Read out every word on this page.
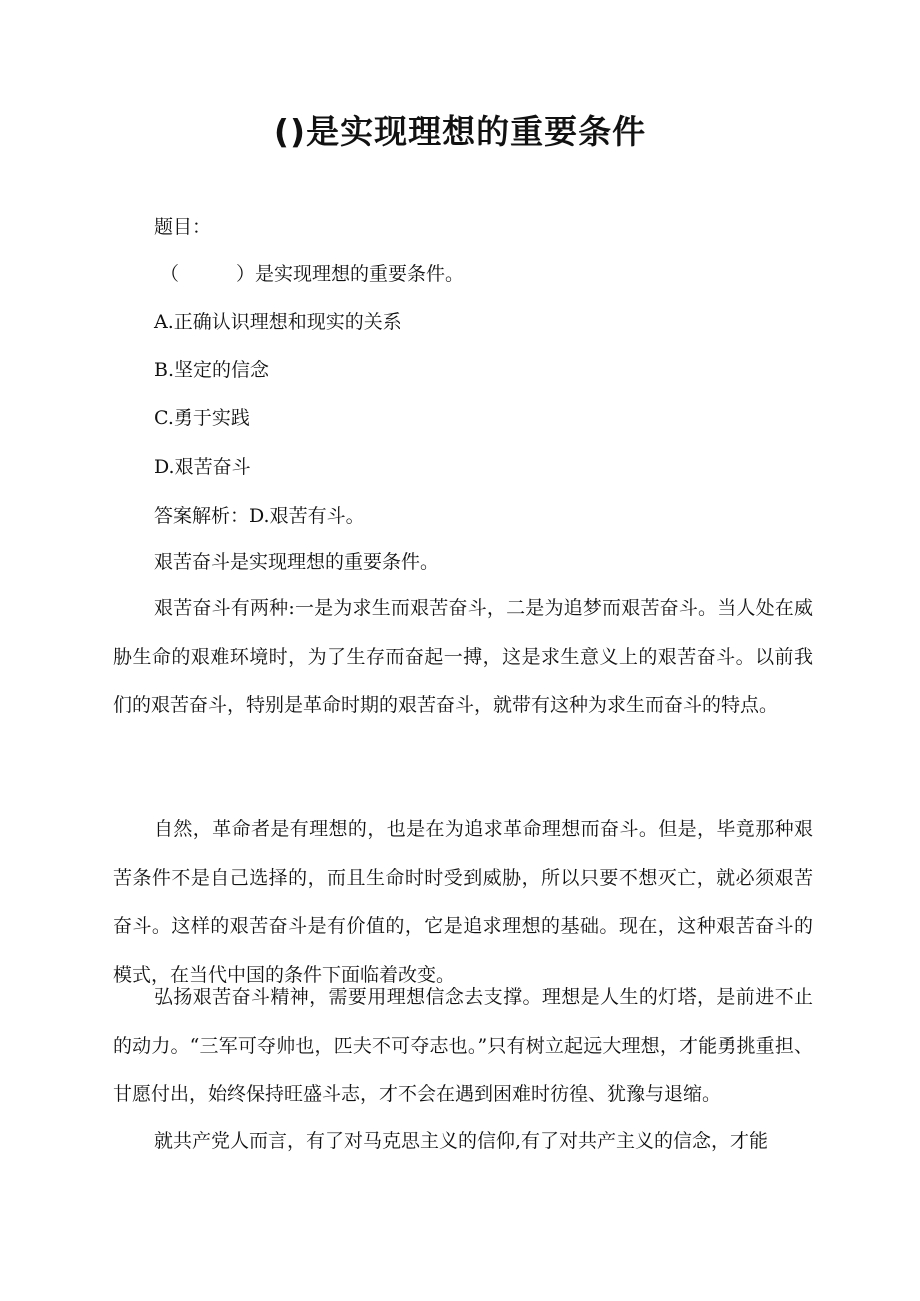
()是实现理想的重要条件
题目：
（　　　）是实现理想的重要条件。
A.正确认识理想和现实的关系
B.坚定的信念
C.勇于实践
D.艰苦奋斗
答案解析：D.艰苦有斗。
艰苦奋斗是实现理想的重要条件。

艰苦奋斗有两种:一是为求生而艰苦奋斗，二是为追梦而艰苦奋斗。当人处在威胁生命的艰难环境时，为了生存而奋起一搏，这是求生意义上的艰苦奋斗。以前我们的艰苦奋斗，特别是革命时期的艰苦奋斗，就带有这种为求生而奋斗的特点。

自然，革命者是有理想的，也是在为追求革命理想而奋斗。但是，毕竟那种艰苦条件不是自己选择的，而且生命时时受到威胁，所以只要不想灭亡，就必须艰苦奋斗。这样的艰苦奋斗是有价值的，它是追求理想的基础。现在，这种艰苦奋斗的模式，在当代中国的条件下面临着改变。

弘扬艰苦奋斗精神，需要用理想信念去支撑。理想是人生的灯塔，是前进不止的动力。“三军可夺帅也，匹夫不可夺志也。”只有树立起远大理想，才能勇挑重担、甘愿付出，始终保持旺盛斗志，才不会在遇到困难时彷徨、犹豫与退缩。

就共产党人而言，有了对马克思主义的信仰,有了对共产主义的信念，才能
